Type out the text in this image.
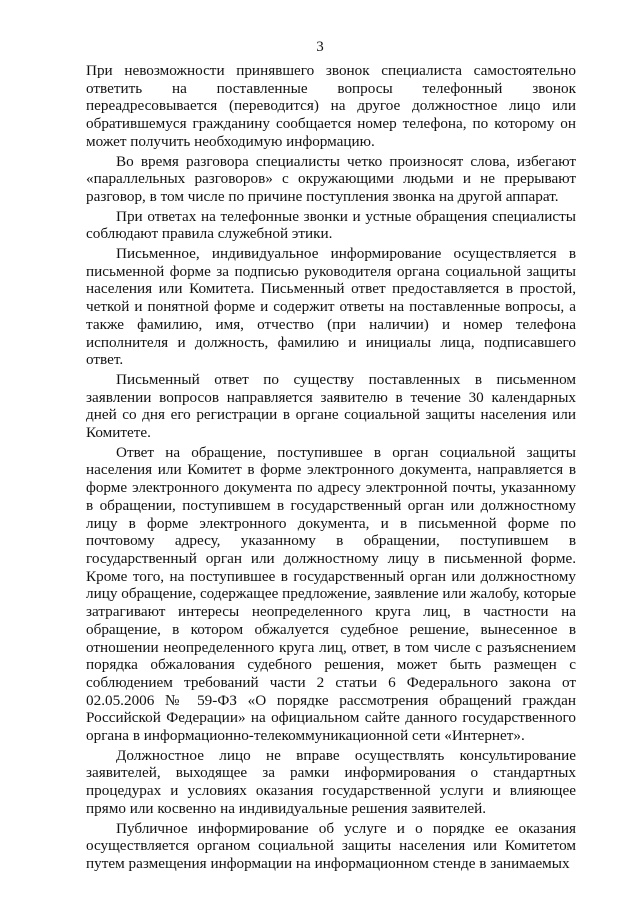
3

При невозможности принявшего звонок специалиста самостоятельно ответить на поставленные вопросы телефонный звонок переадресовывается (переводится) на другое должностное лицо или обратившемуся гражданину сообщается номер телефона, по которому он может получить необходимую информацию.

Во время разговора специалисты четко произносят слова, избегают «параллельных разговоров» с окружающими людьми и не прерывают разговор, в том числе по причине поступления звонка на другой аппарат.

При ответах на телефонные звонки и устные обращения специалисты соблюдают правила служебной этики.

Письменное, индивидуальное информирование осуществляется в письменной форме за подписью руководителя органа социальной защиты населения или Комитета. Письменный ответ предоставляется в простой, четкой и понятной форме и содержит ответы на поставленные вопросы, а также фамилию, имя, отчество (при наличии) и номер телефона исполнителя и должность, фамилию и инициалы лица, подписавшего ответ.

Письменный ответ по существу поставленных в письменном заявлении вопросов направляется заявителю в течение 30 календарных дней со дня его регистрации в органе социальной защиты населения или Комитете.

Ответ на обращение, поступившее в орган социальной защиты населения или Комитет в форме электронного документа, направляется в форме электронного документа по адресу электронной почты, указанному в обращении, поступившем в государственный орган или должностному лицу в форме электронного документа, и в письменной форме по почтовому адресу, указанному в обращении, поступившем в государственный орган или должностному лицу в письменной форме. Кроме того, на поступившее в государственный орган или должностному лицу обращение, содержащее предложение, заявление или жалобу, которые затрагивают интересы неопределенного круга лиц, в частности на обращение, в котором обжалуется судебное решение, вынесенное в отношении неопределенного круга лиц, ответ, в том числе с разъяснением порядка обжалования судебного решения, может быть размещен с соблюдением требований части 2 статьи 6 Федерального закона от 02.05.2006 № 59-ФЗ «О порядке рассмотрения обращений граждан Российской Федерации» на официальном сайте данного государственного органа в информационно-телекоммуникационной сети «Интернет».

Должностное лицо не вправе осуществлять консультирование заявителей, выходящее за рамки информирования о стандартных процедурах и условиях оказания государственной услуги и влияющее прямо или косвенно на индивидуальные решения заявителей.

Публичное информирование об услуге и о порядке ее оказания осуществляется органом социальной защиты населения или Комитетом путем размещения информации на информационном стенде в занимаемых
